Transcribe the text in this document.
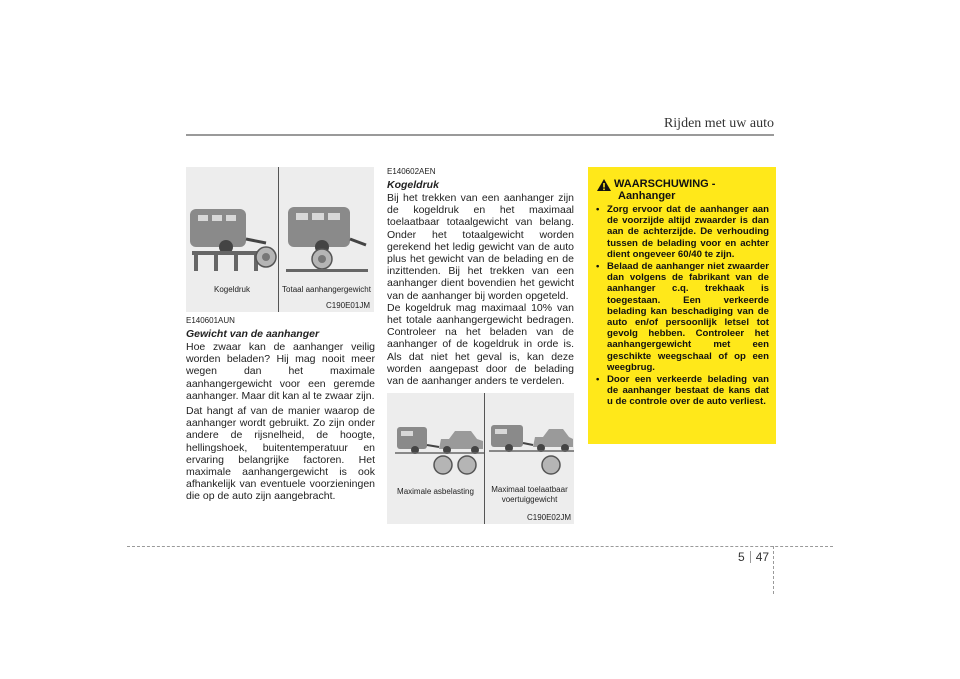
Rijden met uw auto
Kogeldruk	Totaal aanhangergewicht
C190E01JM
E140601AUN
Gewicht van de aanhanger

Hoe zwaar kan de aanhanger veilig worden beladen? Hij mag nooit meer wegen dan het maximale aanhangergewicht voor een geremde aanhanger. Maar dit kan al te zwaar zijn.

Dat hangt af van de manier waarop de aanhanger wordt gebruikt. Zo zijn onder andere de rijsnelheid, de hoogte, hellingshoek, buitentemperatuur en ervaring belangrijke factoren. Het maximale aanhangergewicht is ook afhankelijk van eventuele voorzieningen die op de auto zijn aangebracht.

E140602AEN
Kogeldruk

Bij het trekken van een aanhanger zijn de kogeldruk en het maximaal toelaatbaar totaalgewicht van belang. Onder het totaalgewicht worden gerekend het ledig gewicht van de auto plus het gewicht van de belading en de inzittenden. Bij het trekken van een aanhanger dient bovendien het gewicht van de aanhanger bij worden opgeteld.

De kogeldruk mag maximaal 10% van het totale aanhangergewicht bedragen. Controleer na het beladen van de aanhanger of de kogeldruk in orde is. Als dat niet het geval is, kan deze worden aangepast door de belading van de aanhanger anders te verdelen.

Maximale asbelasting	Maximaal toelaatbaar
voertuiggewicht
C190E02JM
WAARSCHUWING -
Aanhanger
• Zorg ervoor dat de aanhanger aan de voorzijde altijd zwaarder is dan aan de achterzijde. De verhouding tussen de belading voor en achter dient ongeveer 60/40 te zijn.
• Belaad de aanhanger niet zwaarder dan volgens de fabrikant van de aanhanger c.q. trekhaak is toegestaan. Een verkeerde belading kan beschadiging van de auto en/of persoonlijk letsel tot gevolg hebben. Controleer het aanhangergewicht met een geschikte weegschaal of op een weegbrug.
• Door een verkeerde belading van de aanhanger bestaat de kans dat u de controle over de auto verliest.
5 47
